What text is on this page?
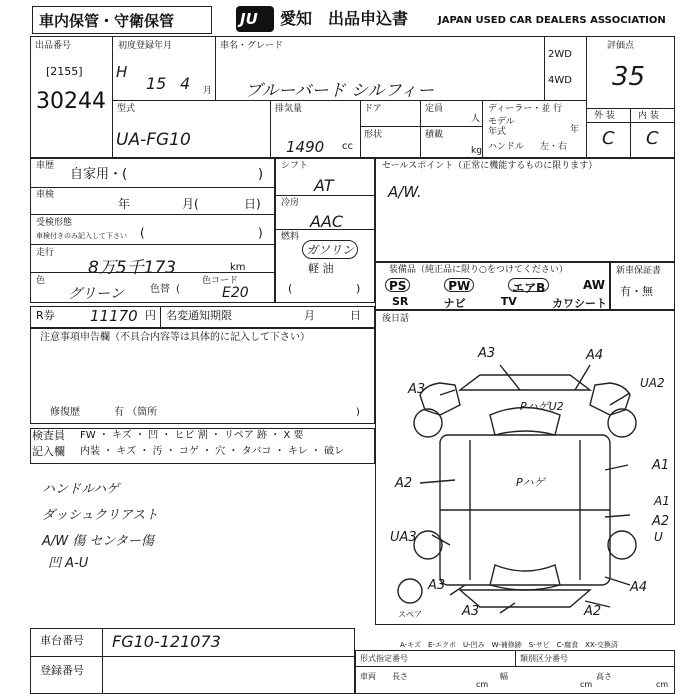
車内保管・守衛保管	JU 愛知 出品申込書	JAPAN USED CAR DEALERS ASSOCIATION
出品番号
[2155]
30244
初度登録年月
H
15 4 月
車名・グレード
ブルーバード シルフィー
2WD
4WD
評価点
35
型式
UA-FG10
排気量
1490 cc
ドア	定員
人
形状	積載
kg
ディーラー・並 行
モデル
年式	年
ハンドル 左・右
外 装	内 装
C C
車歴
自家用・(	)
車検
年	月(	日)
受検形態
車検付きのみ記入して下さい (	)
走行
8万5千173	km
色
グリーン	色替 (
色コード
E20
シフト
AT
冷房
AAC
燃料
ガソリン
軽 油
(	)
セールスポイント（正常に機能するものに限ります）
A/W.
装備品（純正品に限り○をつけてください）
PS	PW	エアB	AW
SR	ナビ	TV	カワシート
新車保証書
有・無
R券 11170 円 名変通知期限	月	日 後日話
注意事項申告欄（不具合内容等は具体的に記入して下さい）
修復歴	有 （箇所	)
検査員
記入欄
FW ・ キズ ・ 凹 ・ ヒビ 割 ・ リペア 跡 ・ X 要
内装 ・ キズ ・ 汚 ・ コゲ ・ 穴 ・ タバコ ・ キレ ・ 破レ
ハンドルハゲ
ダッシュクリアスト
A/W 傷 センター傷
凹 A-U
A3	A4
A3	UA2
PハゲU2
A2	Pハゲ
A1
A2
UA3	U
A3
A3	A2
A4
A1
スペア
A-キズ　E-エクボ　U-凹み　W-補修跡　S-サビ　C-腐食　XX-交換済
車台番号 FG10-121073
登録番号
形式指定番号	類別区分番号
車両 長さ
cm
幅
cm
高さ
cm
